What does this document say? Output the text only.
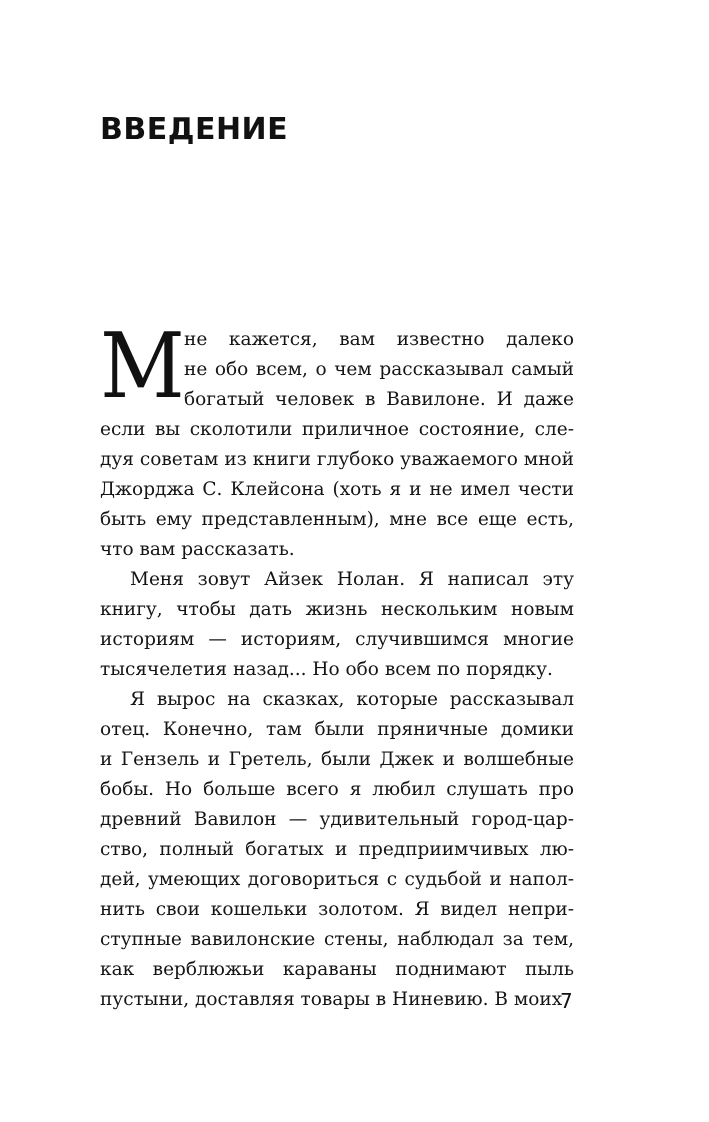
ВВЕДЕНИЕ
М не кажется, вам известно далеко
не обо всем, о чем рассказывал самый
богатый человек в Вавилоне. И даже
если вы сколотили приличное состояние, сле-
дуя советам из книги глубоко уважаемого мной
Джорджа С. Клейсона (хоть я и не имел чести
быть ему представленным), мне все еще есть,
что вам рассказать.
Меня зовут Айзек Нолан. Я написал эту
книгу, чтобы дать жизнь нескольким новым
историям — историям, случившимся многие
тысячелетия назад... Но обо всем по порядку.
Я вырос на сказках, которые рассказывал
отец. Конечно, там были пряничные домики
и Гензель и Гретель, были Джек и волшебные
бобы. Но больше всего я любил слушать про
древний Вавилон — удивительный город-цар-
ство, полный богатых и предприимчивых лю-
дей, умеющих договориться с судьбой и напол-
нить свои кошельки золотом. Я видел непри-
ступные вавилонские стены, наблюдал за тем,
как верблюжьи караваны поднимают пыль
пустыни, доставляя товары в Ниневию. В моих
7
